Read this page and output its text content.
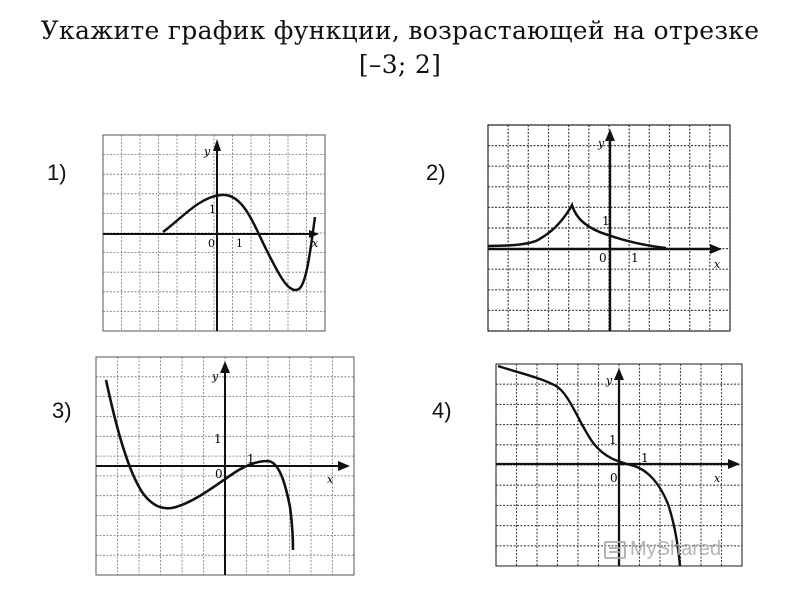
Укажите график функции, возрастающей на отрезке
[–3; 2]
1)
y
x
0 1
1
2)
y
x
0 1
1
3)
y
x
0
1
1
4)
y
x
0
1
1
MyShared
